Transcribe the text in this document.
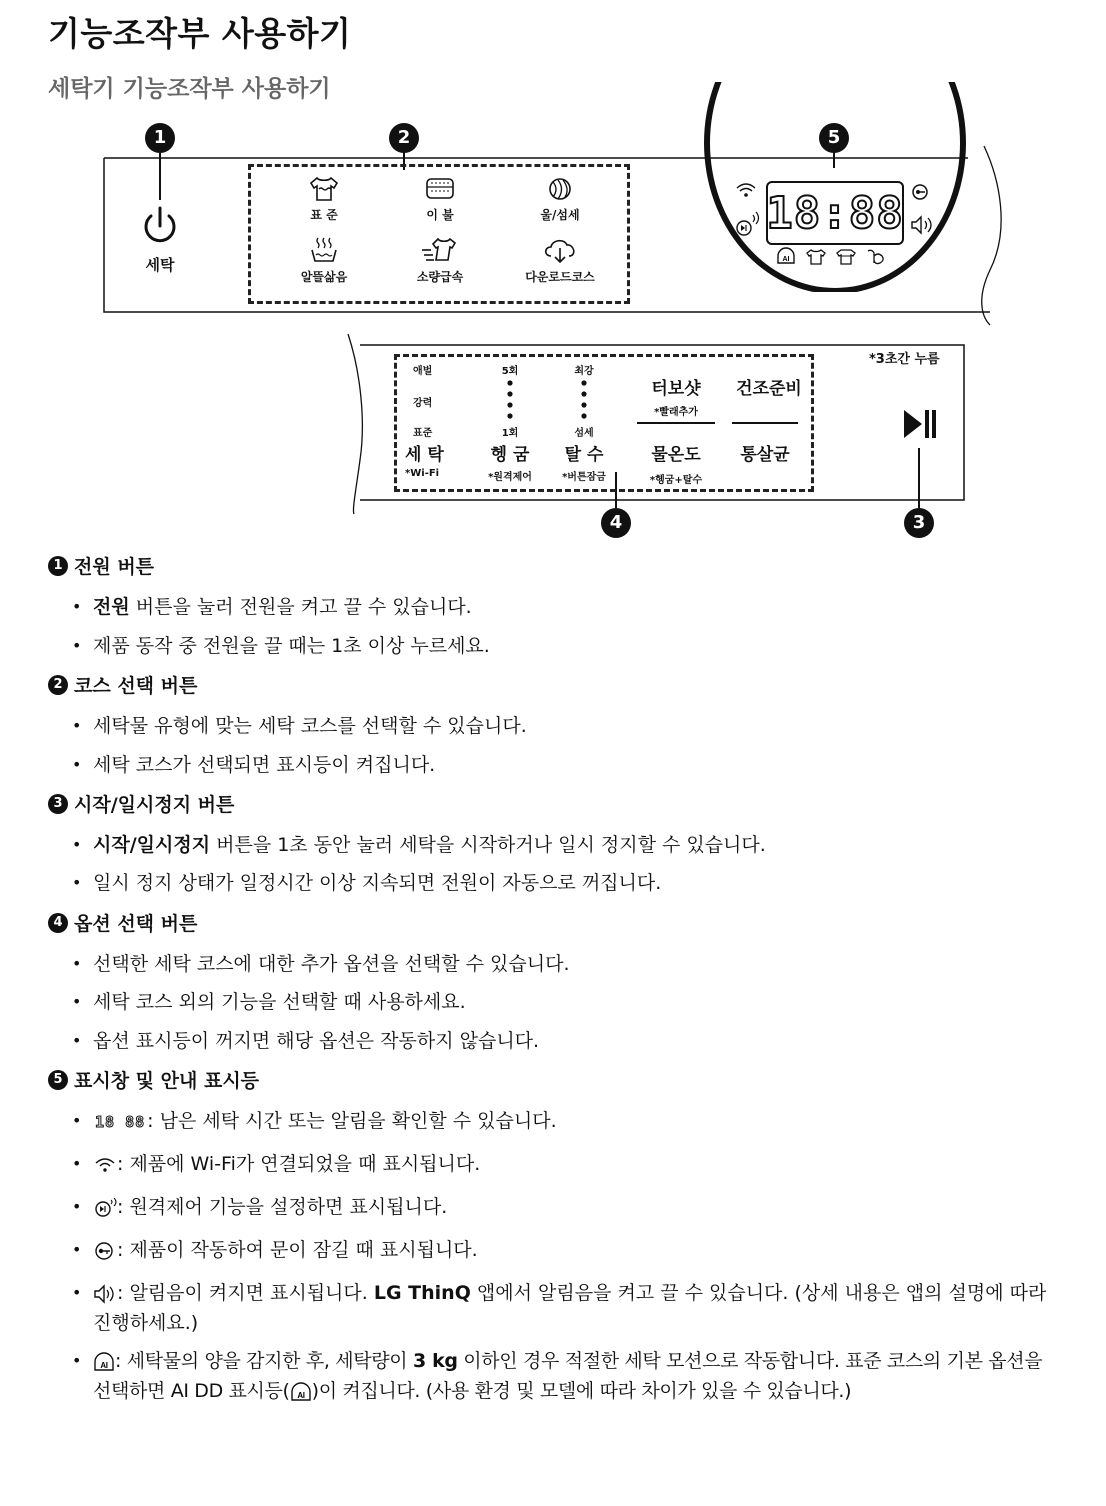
기능조작부 사용하기
세탁기 기능조작부 사용하기
1	2	5
세탁
표 준	이 불	울/섬세
알뜰삶음	소량급속	다운로드코스
18:88
AI
*3초간 누름
애벌
강력
표준
세 탁
*Wi-Fi
5회
1회
헹 굼
*원격제어
최강
섬세
탈 수
*버튼잠금
터보샷
*빨래추가
물온도
*헹굼+탈수
건조준비
통살균
4	3
1 전원 버튼
• 전원 버튼을 눌러 전원을 켜고 끌 수 있습니다.
• 제품 동작 중 전원을 끌 때는 1초 이상 누르세요.
2 코스 선택 버튼
• 세탁물 유형에 맞는 세탁 코스를 선택할 수 있습니다.
• 세탁 코스가 선택되면 표시등이 켜집니다.
3 시작/일시정지 버튼
• 시작/일시정지 버튼을 1초 동안 눌러 세탁을 시작하거나 일시 정지할 수 있습니다.
• 일시 정지 상태가 일정시간 이상 지속되면 전원이 자동으로 꺼집니다.
4 옵션 선택 버튼
• 선택한 세탁 코스에 대한 추가 옵션을 선택할 수 있습니다.
• 세탁 코스 외의 기능을 선택할 때 사용하세요.
• 옵션 표시등이 꺼지면 해당 옵션은 작동하지 않습니다.
5 표시창 및 안내 표시등
• 18 88 : 남은 세탁 시간 또는 알림을 확인할 수 있습니다.
•	: 제품에 Wi-Fi가 연결되었을 때 표시됩니다.
•	: 원격제어 기능을 설정하면 표시됩니다.
•	: 제품이 작동하여 문이 잠길 때 표시됩니다.
•	: 알림음이 켜지면 표시됩니다. LG ThinQ 앱에서 알림음을 켜고 끌 수 있습니다. (상세 내용은 앱의 설명에 따라
진행하세요.)
•	AI : 세탁물의 양을 감지한 후, 세탁량이 3 kg 이하인 경우 적절한 세탁 모션으로 작동합니다. 표준 코스의 기본 옵션을
선택하면 AI DD 표시등( AI )이 켜집니다. (사용 환경 및 모델에 따라 차이가 있을 수 있습니다.)
